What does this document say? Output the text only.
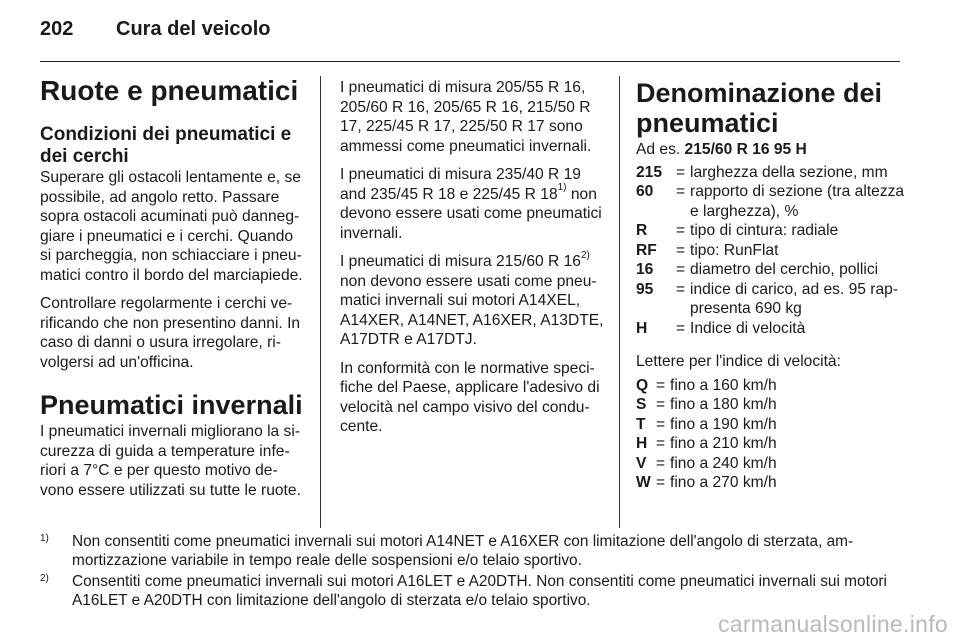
202 Cura del veicolo
Ruote e pneumatici
Condizioni dei pneumatici e dei cerchi

Superare gli ostacoli lentamente e, se possibile, ad angolo retto. Passare sopra ostacoli acuminati può danneggiare i pneumatici e i cerchi. Quando si parcheggia, non schiacciare i pneumatici contro il bordo del marciapiede.

Controllare regolarmente i cerchi verificando che non presentino danni. In caso di danni o usura irregolare, rivolgersi ad un'officina.

Pneumatici invernali

I pneumatici invernali migliorano la sicurezza di guida a temperature inferiori a 7°C e per questo motivo devono essere utilizzati su tutte le ruote.

I pneumatici di misura 205/55 R 16, 205/60 R 16, 205/65 R 16, 215/50 R 17, 225/45 R 17, 225/50 R 17 sono ammessi come pneumatici invernali.

I pneumatici di misura 235/40 R 19 and 235/45 R 18 e 225/45 R 18$^{1)}$ non devono essere usati come pneumatici invernali.

I pneumatici di misura 215/60 R 16$^{2)}$ non devono essere usati come pneumatici invernali sui motori A14XEL, A14XER, A14NET, A16XER, A13DTE, A17DTR e A17DTJ.

In conformità con le normative specifiche del Paese, applicare l'adesivo di velocità nel campo visivo del conducente.

Denominazione dei pneumatici

Ad es. 215/60 R 16 95 H

215	=	larghezza della sezione, mm
60	=	rapporto di sezione (tra altezza e larghezza), %
R	=	tipo di cintura: radiale
RF	=	tipo: RunFlat
16	=	diametro del cerchio, pollici
95	=	indice di carico, ad es. 95 rappresenta 690 kg
H	=	Indice di velocità

Lettere per l'indice di velocità:

Q	=	fino a 160 km/h
S	=	fino a 180 km/h
T	=	fino a 190 km/h
H	=	fino a 210 km/h
V	=	fino a 240 km/h
W	=	fino a 270 km/h
1) Non consentiti come pneumatici invernali sui motori A14NET e A16XER con limitazione dell'angolo di sterzata, ammortizzazione variabile in tempo reale delle sospensioni e/o telaio sportivo.
2) Consentiti come pneumatici invernali sui motori A16LET e A20DTH. Non consentiti come pneumatici invernali sui motori A16LET e A20DTH con limitazione dell'angolo di sterzata e/o telaio sportivo.
carmanualsonline.info
